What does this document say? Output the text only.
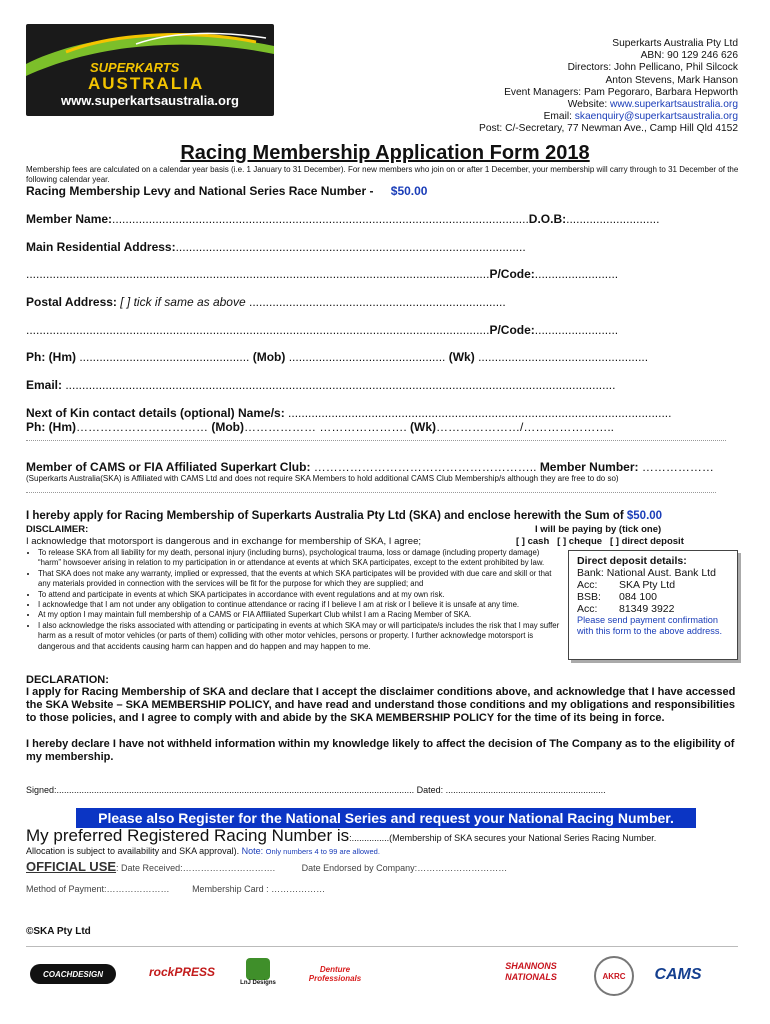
SUPERKARTS
AUSTRALIA
www.superkartsaustralia.org
Superkarts Australia Pty Ltd
ABN: 90 129 246 626
Directors: John Pellicano, Phil Silcock
Anton Stevens, Mark Hanson
Event Managers: Pam Pegoraro, Barbara Hepworth
Website: www.superkartsaustralia.org
Email: skaenquiry@superkartsaustralia.org
Post: C/-Secretary, 77 Newman Ave., Camp Hill Qld 4152
Racing Membership Application Form 2018
Membership fees are calculated on a calendar year basis (i.e. 1 January to 31 December). For new members who join on or after 1 December, your membership will carry through to 31 December of the following calendar year.
Racing Membership Levy and National Series Race Number - $50.00
Member Name:.............................................................................................................................D.O.B:............................
Main Residential Address:.........................................................................................................
...........................................................................................................................................P/Code:.........................
Postal Address: [ ] tick if same as above .............................................................................
...........................................................................................................................................P/Code:.........................
Ph: (Hm) ................................................... (Mob) ............................................... (Wk) ...................................................
Email: .....................................................................................................................................................................
Next of Kin contact details (optional) Name/s: ...................................................................................................................
Ph: (Hm)…………………………… (Mob)……………… …………………. (Wk)…………………/…………………..
Member of CAMS or FIA Affiliated Superkart Club: ……………………………………………….. Member Number: ………………
(Superkarts Australia(SKA) is Affiliated with CAMS Ltd and does not require SKA Members to hold additional CAMS Club Membership/s although they are free to do so)
I hereby apply for Racing Membership of Superkarts Australia Pty Ltd (SKA) and enclose herewith the Sum of $50.00
DISCLAIMER:
I acknowledge that motorsport is dangerous and in exchange for membership of SKA, I agree;
I will be paying by (tick one)
[ ] cash   [ ] cheque   [ ] direct deposit
• To release SKA from all liability for my death, personal injury (including burns), psychological trauma, loss or damage (including property damage) “harm” howsoever arising in relation to my participation in or attendance at events at which SKA participates, except to the extent prohibited by law.
• That SKA does not make any warranty, implied or expressed, that the events at which SKA participates will be provided with due care and skill or that any materials provided in connection with the services will be fit for the purpose for which they are supplied; and
• To attend and participate in events at which SKA participates in accordance with event regulations and at my own risk.
• I acknowledge that I am not under any obligation to continue attendance or racing if I believe I am at risk or I believe it is unsafe at any time.
• At my option I may maintain full membership of a CAMS or FIA Affiliated Superkart Club whilst I am a Racing Member of SKA.
• I also acknowledge the risks associated with attending or participating in events at which SKA may or will participate/s includes the risk that I may suffer harm as a result of motor vehicles (or parts of them) colliding with other motor vehicles, persons or property. I further acknowledge motorsport is dangerous and that accidents causing harm can happen and do happen and may happen to me.
Direct deposit details:
Bank: National Aust. Bank Ltd
Acc: SKA Pty Ltd
BSB: 084 100
Acc: 81349 3922
Please send payment confirmation with this form to the above address.
DECLARATION:
I apply for Racing Membership of SKA and declare that I accept the disclaimer conditions above, and acknowledge that I have accessed the SKA Website – SKA MEMBERSHIP POLICY, and have read and understand those conditions and my obligations and responsibilities to those policies, and I agree to comply with and abide by the SKA MEMBERSHIP POLICY for the time of its being in force.
I hereby declare I have not withheld information within my knowledge likely to affect the decision of The Company as to the eligibility of my membership.
Signed:............................................................................................................................................... Dated: ................................................................
Please also Register for the National Series and request your National Racing Number.
My preferred Registered Racing Number is:...............(Membership of SKA secures your National Series Racing Number.
Allocation is subject to availability and SKA approval). Note: Only numbers 4 to 99 are allowed.
OFFICIAL USE: Date Received:………………………….	Date Endorsed by Company:…………………………
Method of Payment:………………… Membership Card : ………………
©SKA Pty Ltd
COACHDESIGN	rockPRESS
LnJ Designs
Denture Professionals
SHANNONS NATIONALS	AKRC	CAMS
